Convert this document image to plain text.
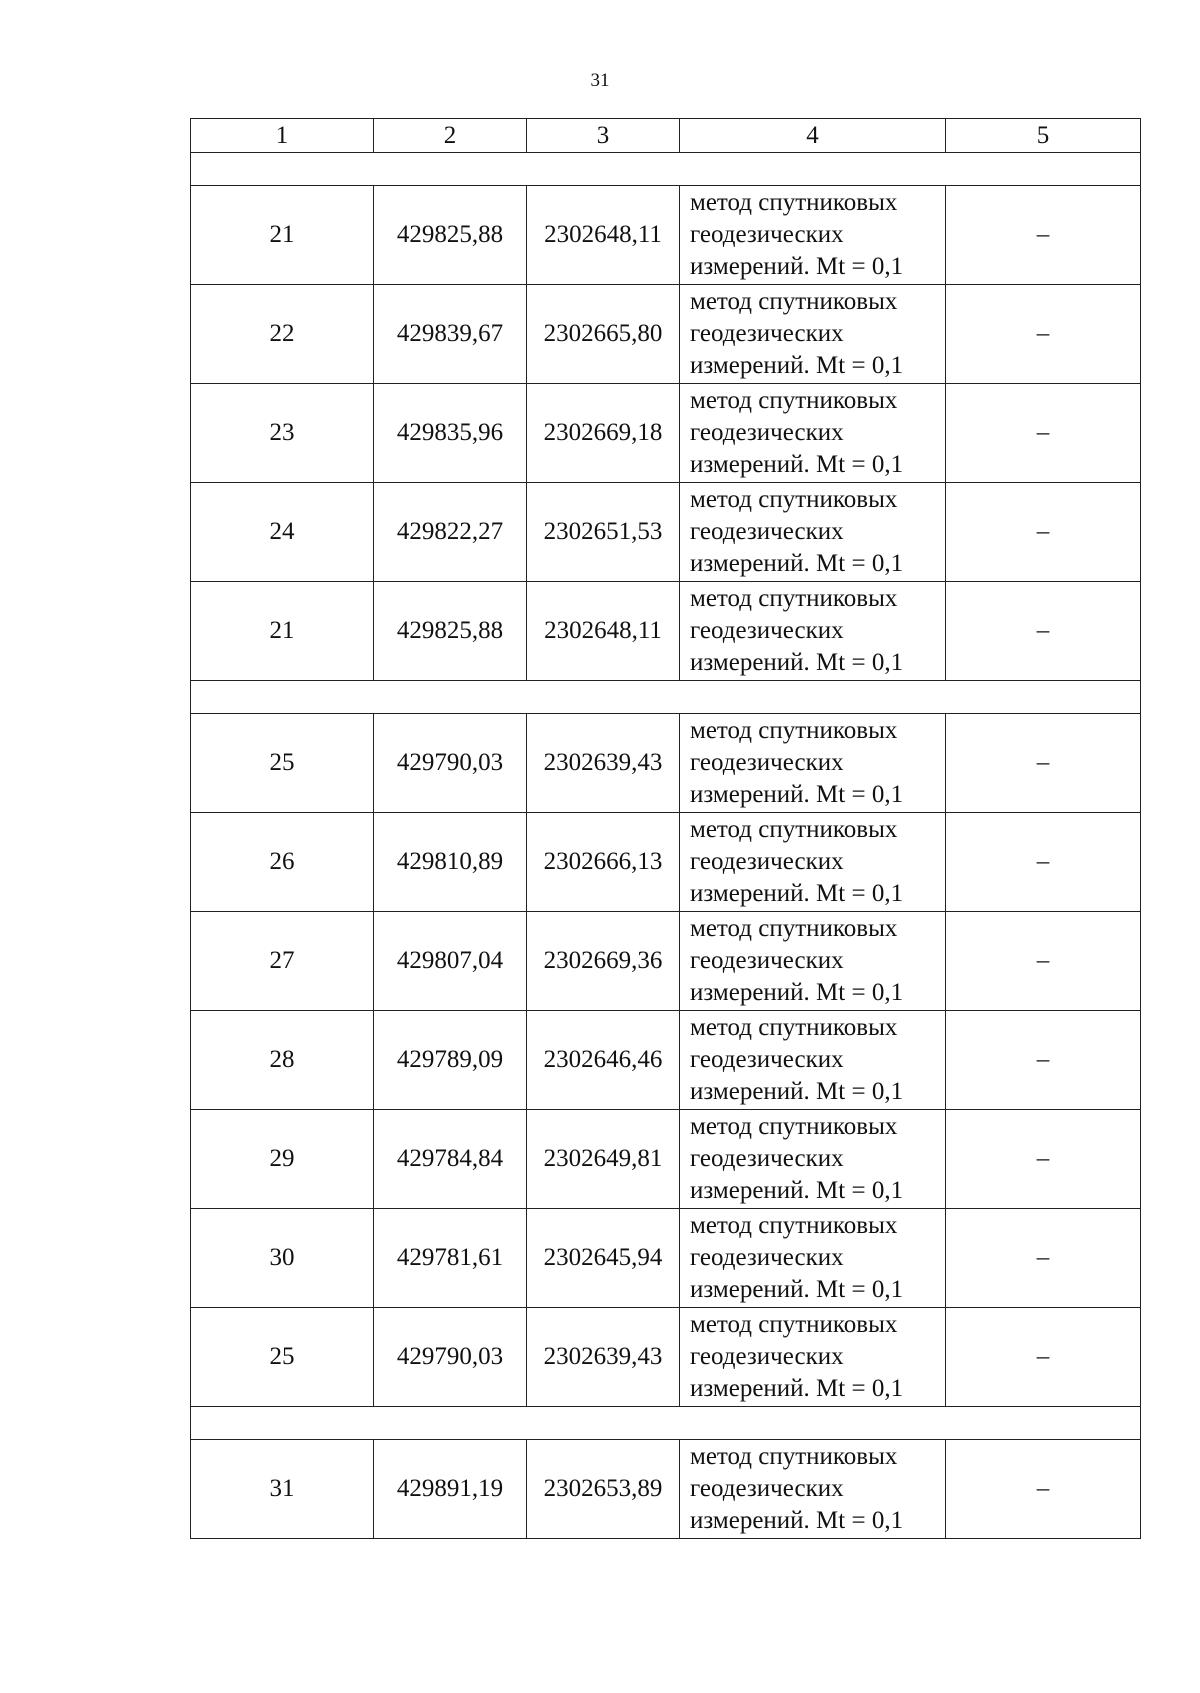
31
1	2	3	4	5

21	429825,88	2302648,11	метод спутниковых
геодезических
измерений. Mt = 0,1	–
22	429839,67	2302665,80	метод спутниковых
геодезических
измерений. Mt = 0,1	–
23	429835,96	2302669,18	метод спутниковых
геодезических
измерений. Mt = 0,1	–
24	429822,27	2302651,53	метод спутниковых
геодезических
измерений. Mt = 0,1	–
21	429825,88	2302648,11	метод спутниковых
геодезических
измерений. Mt = 0,1	–

25	429790,03	2302639,43	метод спутниковых
геодезических
измерений. Mt = 0,1	–
26	429810,89	2302666,13	метод спутниковых
геодезических
измерений. Mt = 0,1	–
27	429807,04	2302669,36	метод спутниковых
геодезических
измерений. Mt = 0,1	–
28	429789,09	2302646,46	метод спутниковых
геодезических
измерений. Mt = 0,1	–
29	429784,84	2302649,81	метод спутниковых
геодезических
измерений. Mt = 0,1	–
30	429781,61	2302645,94	метод спутниковых
геодезических
измерений. Mt = 0,1	–
25	429790,03	2302639,43	метод спутниковых
геодезических
измерений. Mt = 0,1	–

31	429891,19	2302653,89	метод спутниковых
геодезических
измерений. Mt = 0,1	–
